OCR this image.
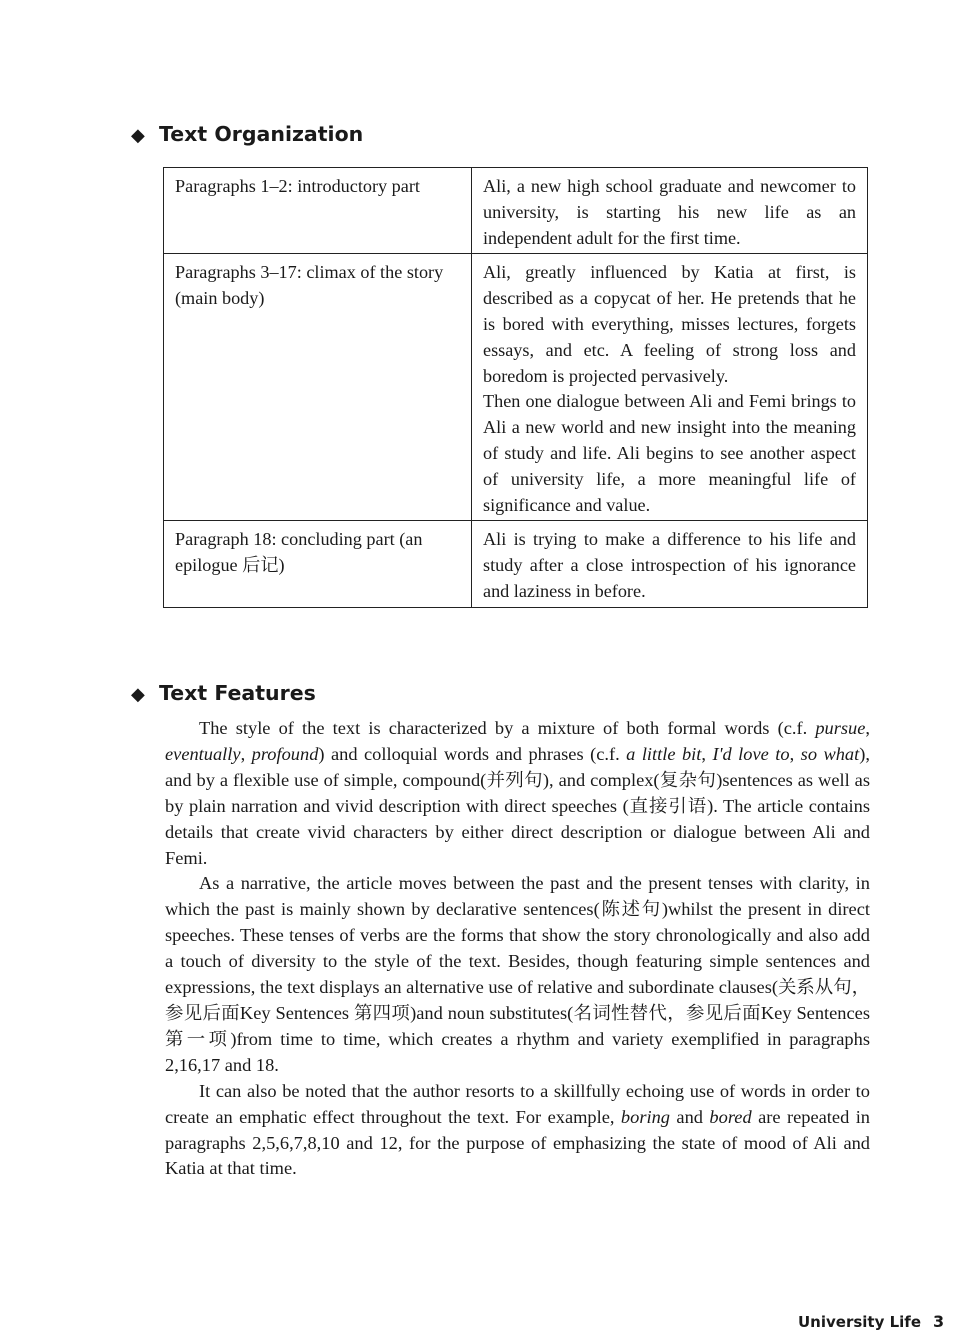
◆ Text Organization
Paragraphs 1–2: introductory part	Ali, a new high school graduate and newcomer to university, is starting his new life as an independent adult for the first time.

Paragraphs 3–17: climax of the story (main body)	Ali, greatly influenced by Katia at first, is described as a copycat of her. He pretends that he is bored with everything, misses lectures, forgets essays, and etc. A feeling of strong loss and boredom is projected pervasively.
Then one dialogue between Ali and Femi brings to Ali a new world and new insight into the meaning of study and life. Ali begins to see another aspect of university life, a more meaningful life of significance and value.

Paragraph 18: concluding part (an epilogue 后记)	Ali is trying to make a difference to his life and study after a close introspection of his ignorance and laziness in before.
◆ Text Features

The style of the text is characterized by a mixture of both formal words (c.f. pursue, eventually, profound) and colloquial words and phrases (c.f. a little bit, I'd love to, so what), and by a flexible use of simple, compound(并列句), and complex(复杂句)sentences as well as by plain narration and vivid description with direct speeches (直接引语). The article contains details that create vivid characters by either direct description or dialogue between Ali and Femi.

As a narrative, the article moves between the past and the present tenses with clarity, in which the past is mainly shown by declarative sentences(陈述句)whilst the present in direct speeches. These tenses of verbs are the forms that show the story chronologically and also add a touch of diversity to the style of the text. Besides, though featuring simple sentences and expressions, the text displays an alternative use of relative and subordinate clauses(关系从句，参见后面Key Sentences 第四项)and noun substitutes(名词性替代，参见后面Key Sentences 第一项)from time to time, which creates a rhythm and variety exemplified in paragraphs 2,16,17 and 18.

It can also be noted that the author resorts to a skillfully echoing use of words in order to create an emphatic effect throughout the text. For example, boring and bored are repeated in paragraphs 2,5,6,7,8,10 and 12, for the purpose of emphasizing the state of mood of Ali and Katia at that time.

University Life 3
